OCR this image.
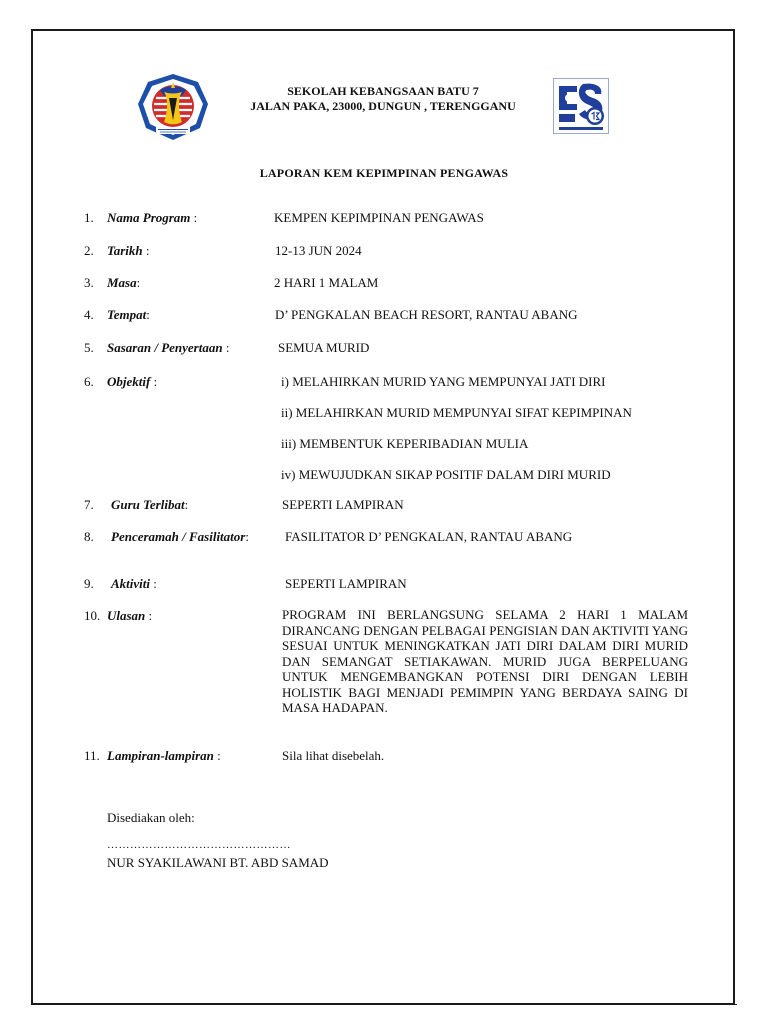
SEKOLAH KEBANGSAAN BATU 7
JALAN PAKA, 23000, DUNGUN , TERENGGANU
LAPORAN KEM KEPIMPINAN PENGAWAS
1.	Nama Program :	KEMPEN KEPIMPINAN PENGAWAS
2.	Tarikh :	12-13 JUN 2024
3.	Masa:	2 HARI 1 MALAM
4.	Tempat:	D’ PENGKALAN BEACH RESORT, RANTAU ABANG
5.	Sasaran / Penyertaan :	SEMUA MURID
6.	Objektif :	i) MELAHIRKAN MURID YANG MEMPUNYAI JATI DIRI
ii) MELAHIRKAN MURID MEMPUNYAI SIFAT KEPIMPINAN
iii) MEMBENTUK KEPERIBADIAN MULIA
iv) MEWUJUDKAN SIKAP POSITIF DALAM DIRI MURID
7.	Guru Terlibat:	SEPERTI LAMPIRAN
8.	Penceramah / Fasilitator:	FASILITATOR D’ PENGKALAN, RANTAU ABANG
9.	Aktiviti :	SEPERTI LAMPIRAN
10. Ulasan :	PROGRAM INI BERLANGSUNG SELAMA 2 HARI 1 MALAM DIRANCANG DENGAN PELBAGAI PENGISIAN DAN AKTIVITI YANG SESUAI UNTUK MENINGKATKAN JATI DIRI DALAM DIRI MURID DAN SEMANGAT SETIAKAWAN. MURID JUGA BERPELUANG UNTUK MENGEMBANGKAN POTENSI DIRI DENGAN LEBIH HOLISTIK BAGI MENJADI PEMIMPIN YANG BERDAYA SAING DI MASA HADAPAN.
11. Lampiran-lampiran :	Sila lihat disebelah.
Disediakan oleh:
…………………………………………
NUR SYAKILAWANI BT. ABD SAMAD
